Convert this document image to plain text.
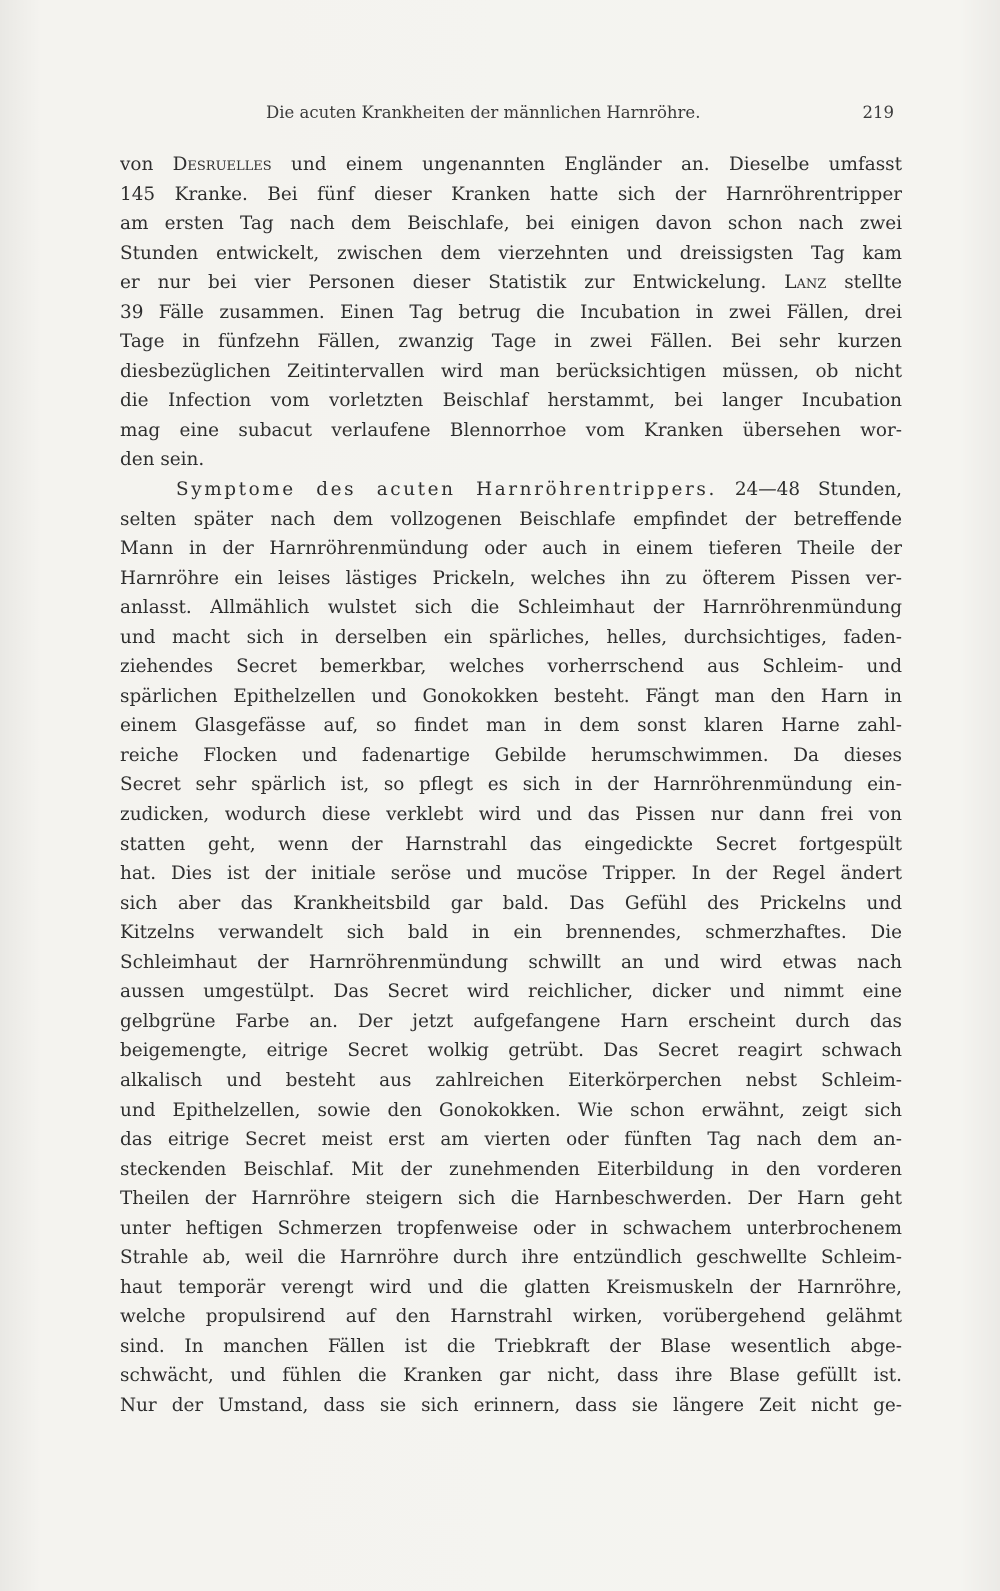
Die acuten Krankheiten der männlichen Harnröhre.	219
von Desruelles und einem ungenannten Engländer an. Dieselbe umfasst
145 Kranke. Bei fünf dieser Kranken hatte sich der Harnröhrentripper
am ersten Tag nach dem Beischlafe, bei einigen davon schon nach zwei
Stunden entwickelt, zwischen dem vierzehnten und dreissigsten Tag kam
er nur bei vier Personen dieser Statistik zur Entwickelung. Lanz stellte
39 Fälle zusammen. Einen Tag betrug die Incubation in zwei Fällen, drei
Tage in fünfzehn Fällen, zwanzig Tage in zwei Fällen. Bei sehr kurzen
diesbezüglichen Zeitintervallen wird man berücksichtigen müssen, ob nicht
die Infection vom vorletzten Beischlaf herstammt, bei langer Incubation
mag eine subacut verlaufene Blennorrhoe vom Kranken übersehen wor-
den sein.
Symptome des acuten Harnröhrentrippers. 24—48 Stunden,
selten später nach dem vollzogenen Beischlafe empfindet der betreffende
Mann in der Harnröhrenmündung oder auch in einem tieferen Theile der
Harnröhre ein leises lästiges Prickeln, welches ihn zu öfterem Pissen ver-
anlasst. Allmählich wulstet sich die Schleimhaut der Harnröhrenmündung
und macht sich in derselben ein spärliches, helles, durchsichtiges, faden-
ziehendes Secret bemerkbar, welches vorherrschend aus Schleim- und
spärlichen Epithelzellen und Gonokokken besteht. Fängt man den Harn in
einem Glasgefässe auf, so findet man in dem sonst klaren Harne zahl-
reiche Flocken und fadenartige Gebilde herumschwimmen. Da dieses
Secret sehr spärlich ist, so pflegt es sich in der Harnröhrenmündung ein-
zudicken, wodurch diese verklebt wird und das Pissen nur dann frei von
statten geht, wenn der Harnstrahl das eingedickte Secret fortgespült
hat. Dies ist der initiale seröse und mucöse Tripper. In der Regel ändert
sich aber das Krankheitsbild gar bald. Das Gefühl des Prickelns und
Kitzelns verwandelt sich bald in ein brennendes, schmerzhaftes. Die
Schleimhaut der Harnröhrenmündung schwillt an und wird etwas nach
aussen umgestülpt. Das Secret wird reichlicher, dicker und nimmt eine
gelbgrüne Farbe an. Der jetzt aufgefangene Harn erscheint durch das
beigemengte, eitrige Secret wolkig getrübt. Das Secret reagirt schwach
alkalisch und besteht aus zahlreichen Eiterkörperchen nebst Schleim-
und Epithelzellen, sowie den Gonokokken. Wie schon erwähnt, zeigt sich
das eitrige Secret meist erst am vierten oder fünften Tag nach dem an-
steckenden Beischlaf. Mit der zunehmenden Eiterbildung in den vorderen
Theilen der Harnröhre steigern sich die Harnbeschwerden. Der Harn geht
unter heftigen Schmerzen tropfenweise oder in schwachem unterbrochenem
Strahle ab, weil die Harnröhre durch ihre entzündlich geschwellte Schleim-
haut temporär verengt wird und die glatten Kreismuskeln der Harnröhre,
welche propulsirend auf den Harnstrahl wirken, vorübergehend gelähmt
sind. In manchen Fällen ist die Triebkraft der Blase wesentlich abge-
schwächt, und fühlen die Kranken gar nicht, dass ihre Blase gefüllt ist.
Nur der Umstand, dass sie sich erinnern, dass sie längere Zeit nicht ge-
